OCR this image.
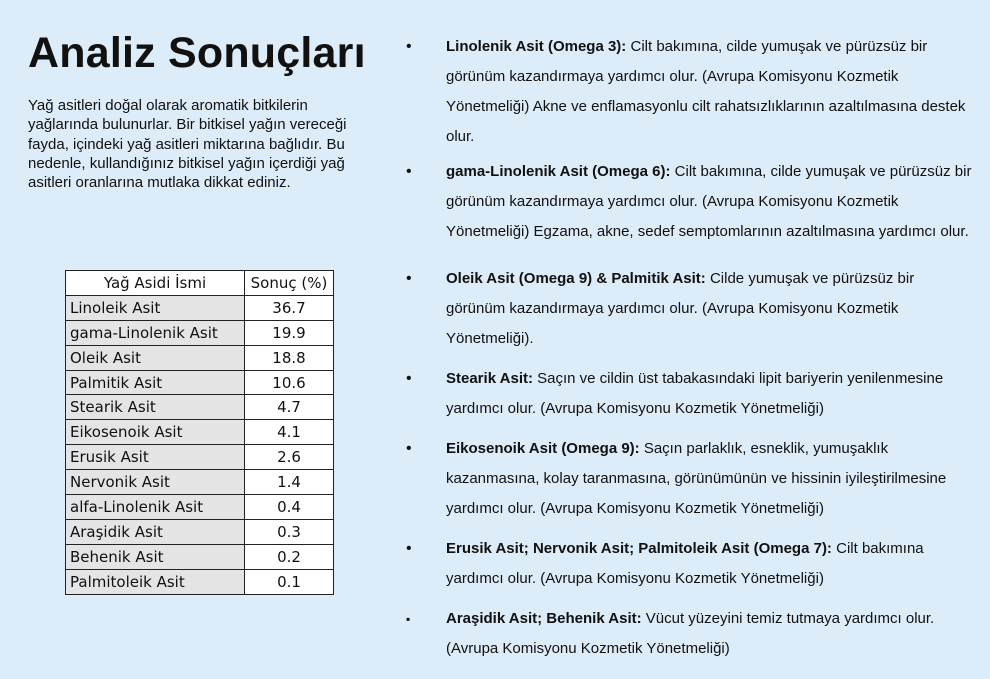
Analiz Sonuçları

Yağ asitleri doğal olarak aromatik bitkilerin yağlarında bulunurlar. Bir bitkisel yağın vereceği fayda, içindeki yağ asitleri miktarına bağlıdır. Bu nedenle, kullandığınız bitkisel yağın içerdiği yağ asitleri oranlarına mutlaka dikkat ediniz.

Yağ Asidi İsmi	Sonuç (%)
Linoleik Asit	36.7
gama-Linolenik Asit	19.9
Oleik Asit	18.8
Palmitik Asit	10.6
Stearik Asit	4.7
Eikosenoik Asit	4.1
Erusik Asit	2.6
Nervonik Asit	1.4
alfa-Linolenik Asit	0.4
Araşidik Asit	0.3
Behenik Asit	0.2
Palmitoleik Asit	0.1
•	Linolenik Asit (Omega 3): Cilt bakımına, cilde yumuşak ve pürüzsüz bir görünüm kazandırmaya yardımcı olur. (Avrupa Komisyonu Kozmetik Yönetmeliği) Akne ve enflamasyonlu cilt rahatsızlıklarının azaltılmasına destek olur.
•	gama-Linolenik Asit (Omega 6): Cilt bakımına, cilde yumuşak ve pürüzsüz bir görünüm kazandırmaya yardımcı olur. (Avrupa Komisyonu Kozmetik Yönetmeliği) Egzama, akne, sedef semptomlarının azaltılmasına yardımcı olur.
•	Oleik Asit (Omega 9) & Palmitik Asit: Cilde yumuşak ve pürüzsüz bir görünüm kazandırmaya yardımcı olur. (Avrupa Komisyonu Kozmetik Yönetmeliği).
•	Stearik Asit: Saçın ve cildin üst tabakasındaki lipit bariyerin yenilenmesine yardımcı olur. (Avrupa Komisyonu Kozmetik Yönetmeliği)
•	Eikosenoik Asit (Omega 9): Saçın parlaklık, esneklik, yumuşaklık kazanmasına, kolay taranmasına, görünümünün ve hissinin iyileştirilmesine yardımcı olur. (Avrupa Komisyonu Kozmetik Yönetmeliği)
•	Erusik Asit; Nervonik Asit; Palmitoleik Asit (Omega 7): Cilt bakımına yardımcı olur. (Avrupa Komisyonu Kozmetik Yönetmeliği)
▪	Araşidik Asit; Behenik Asit: Vücut yüzeyini temiz tutmaya yardımcı olur. (Avrupa Komisyonu Kozmetik Yönetmeliği)
